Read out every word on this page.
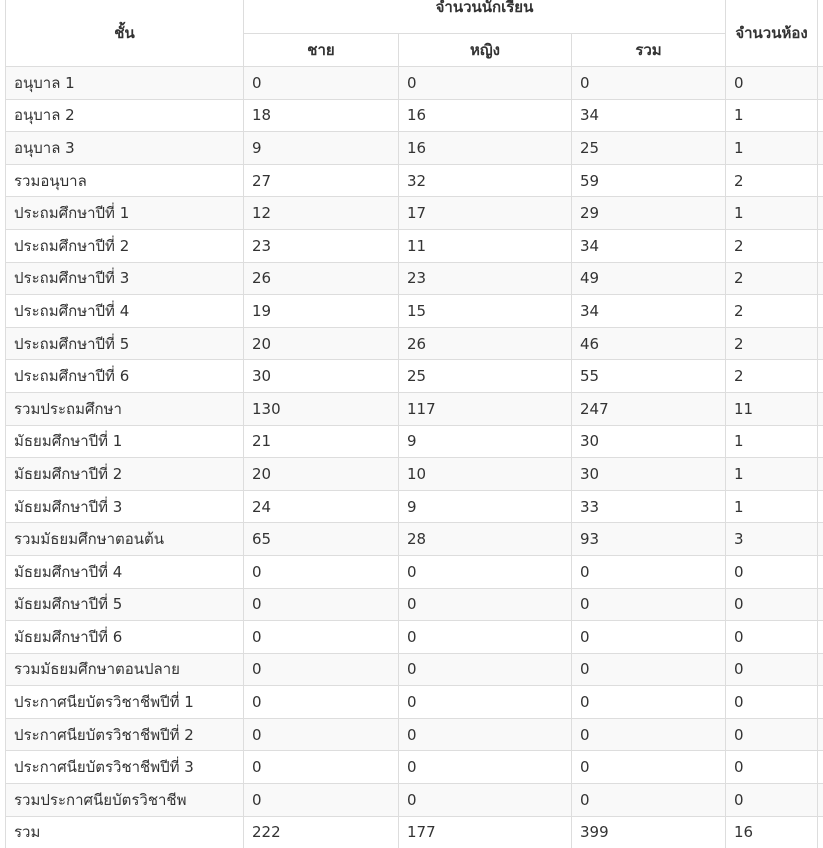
ชั้น	จำนวนนักเรียน			จำนวนห้อง	
	ชาย	หญิง	รวม		
อนุบาล 1	0	0	0	0	
อนุบาล 2	18	16	34	1	
อนุบาล 3	9	16	25	1	
รวมอนุบาล	27	32	59	2	
ประถมศึกษาปีที่ 1	12	17	29	1	
ประถมศึกษาปีที่ 2	23	11	34	2	
ประถมศึกษาปีที่ 3	26	23	49	2	
ประถมศึกษาปีที่ 4	19	15	34	2	
ประถมศึกษาปีที่ 5	20	26	46	2	
ประถมศึกษาปีที่ 6	30	25	55	2	
รวมประถมศึกษา	130	117	247	11	
มัธยมศึกษาปีที่ 1	21	9	30	1	
มัธยมศึกษาปีที่ 2	20	10	30	1	
มัธยมศึกษาปีที่ 3	24	9	33	1	
รวมมัธยมศึกษาตอนต้น	65	28	93	3	
มัธยมศึกษาปีที่ 4	0	0	0	0	
มัธยมศึกษาปีที่ 5	0	0	0	0	
มัธยมศึกษาปีที่ 6	0	0	0	0	
รวมมัธยมศึกษาตอนปลาย	0	0	0	0	
ประกาศนียบัตรวิชาชีพปีที่ 1	0	0	0	0	
ประกาศนียบัตรวิชาชีพปีที่ 2	0	0	0	0	
ประกาศนียบัตรวิชาชีพปีที่ 3	0	0	0	0	
รวมประกาศนียบัตรวิชาชีพ	0	0	0	0	
รวม	222	177	399	16	
